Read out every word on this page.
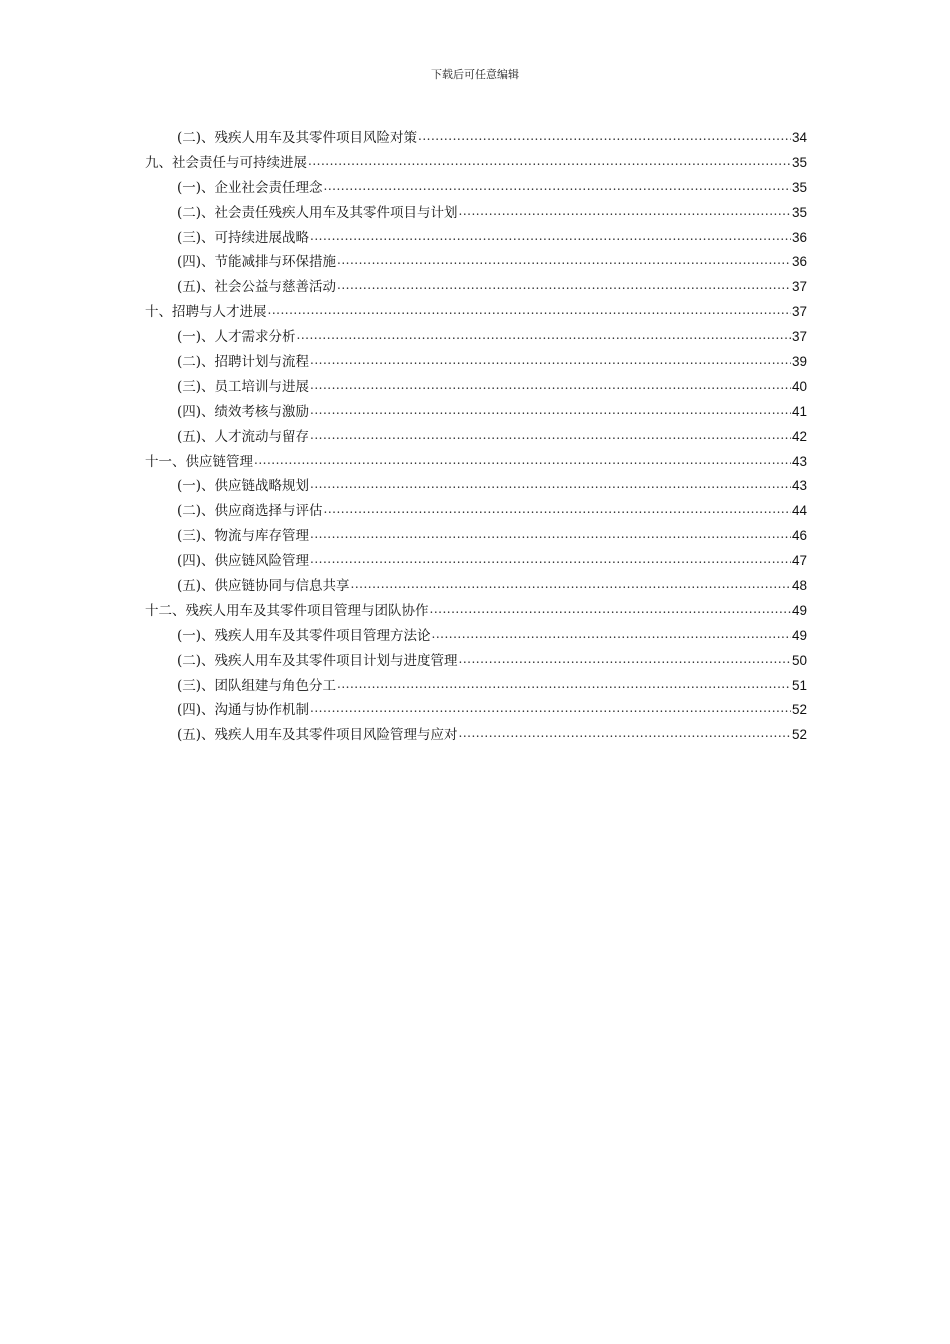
下载后可任意编辑
(二)、残疾人用车及其零件项目风险对策 .....	34
九、社会责任与可持续进展 .....	35
(一)、企业社会责任理念 .....	35
(二)、社会责任残疾人用车及其零件项目与计划 .....	35
(三)、可持续进展战略 .....	36
(四)、节能减排与环保措施 .....	36
(五)、社会公益与慈善活动 .....	37
十、招聘与人才进展 .....	37
(一)、人才需求分析 .....	37
(二)、招聘计划与流程 .....	39
(三)、员工培训与进展 .....	40
(四)、绩效考核与激励 .....	41
(五)、人才流动与留存 .....	42
十一、供应链管理 .....	43
(一)、供应链战略规划 .....	43
(二)、供应商选择与评估 .....	44
(三)、物流与库存管理 .....	46
(四)、供应链风险管理 .....	47
(五)、供应链协同与信息共享 .....	48
十二、残疾人用车及其零件项目管理与团队协作 .....	49
(一)、残疾人用车及其零件项目管理方法论 .....	49
(二)、残疾人用车及其零件项目计划与进度管理 .....	50
(三)、团队组建与角色分工 .....	51
(四)、沟通与协作机制 .....	52
(五)、残疾人用车及其零件项目风险管理与应对 .....	52
